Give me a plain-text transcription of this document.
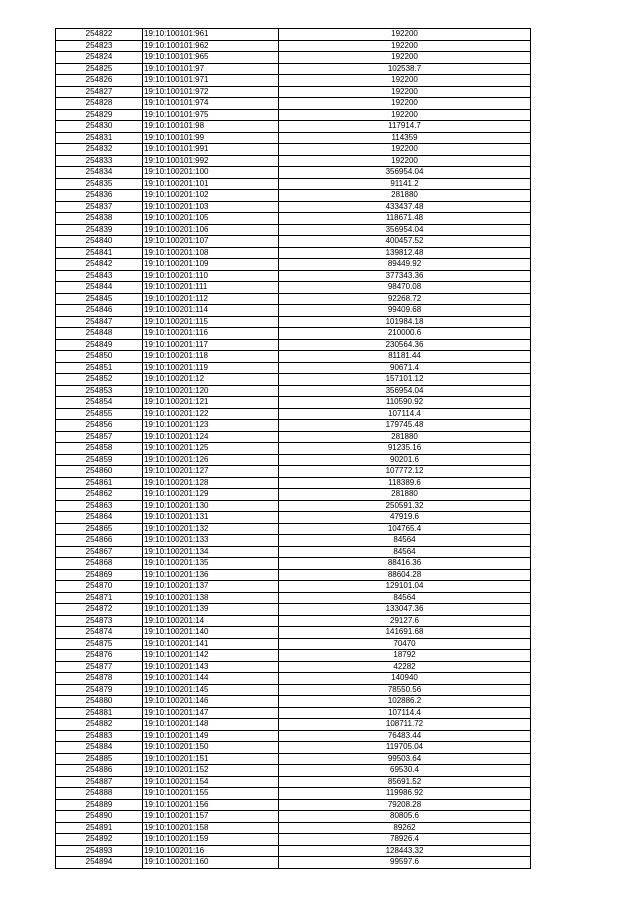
254822	19:10:100101:961	192200
254823	19:10:100101:962	192200
254824	19:10:100101:965	192200
254825	19:10:100101:97	102538.7
254826	19:10:100101:971	192200
254827	19:10:100101:972	192200
254828	19:10:100101:974	192200
254829	19:10:100101:975	192200
254830	19:10:100101:98	117914.7
254831	19:10:100101:99	114359
254832	19:10:100101:991	192200
254833	19:10:100101:992	192200
254834	19:10:100201:100	356954.04
254835	19:10:100201:101	91141.2
254836	19:10:100201:102	281880
254837	19:10:100201:103	433437.48
254838	19:10:100201:105	118671.48
254839	19:10:100201:106	356954.04
254840	19:10:100201:107	400457.52
254841	19:10:100201:108	139812.48
254842	19:10:100201:109	89449.92
254843	19:10:100201:110	377343.36
254844	19:10:100201:111	98470.08
254845	19:10:100201:112	92268.72
254846	19:10:100201:114	99409.68
254847	19:10:100201:115	101984.18
254848	19:10:100201:116	210000.6
254849	19:10:100201:117	230564.36
254850	19:10:100201:118	81181.44
254851	19:10:100201:119	90671.4
254852	19:10:100201:12	157101.12
254853	19:10:100201:120	356954.04
254854	19:10:100201:121	110590.92
254855	19:10:100201:122	107114.4
254856	19:10:100201:123	179745.48
254857	19:10:100201:124	281880
254858	19:10:100201:125	91235.16
254859	19:10:100201:126	90201.6
254860	19:10:100201:127	107772.12
254861	19:10:100201:128	118389.6
254862	19:10:100201:129	281880
254863	19:10:100201:130	250591.32
254864	19:10:100201:131	47919.6
254865	19:10:100201:132	104765.4
254866	19:10:100201:133	84564
254867	19:10:100201:134	84564
254868	19:10:100201:135	88416.36
254869	19:10:100201:136	88604.28
254870	19:10:100201:137	129101.04
254871	19:10:100201:138	84564
254872	19:10:100201:139	133047.36
254873	19:10:100201:14	29127.6
254874	19:10:100201:140	141691.68
254875	19:10:100201:141	70470
254876	19:10:100201:142	18792
254877	19:10:100201:143	42282
254878	19:10:100201:144	140940
254879	19:10:100201:145	78550.56
254880	19:10:100201:146	102886.2
254881	19:10:100201:147	107114.4
254882	19:10:100201:148	108711.72
254883	19:10:100201:149	76483.44
254884	19:10:100201:150	119705.04
254885	19:10:100201:151	99503.64
254886	19:10:100201:152	69530.4
254887	19:10:100201:154	85691.52
254888	19:10:100201:155	119986.92
254889	19:10:100201:156	79208.28
254890	19:10:100201:157	80805.6
254891	19:10:100201:158	89262
254892	19:10:100201:159	78926.4
254893	19:10:100201:16	128443.32
254894	19:10:100201:160	99597.6
